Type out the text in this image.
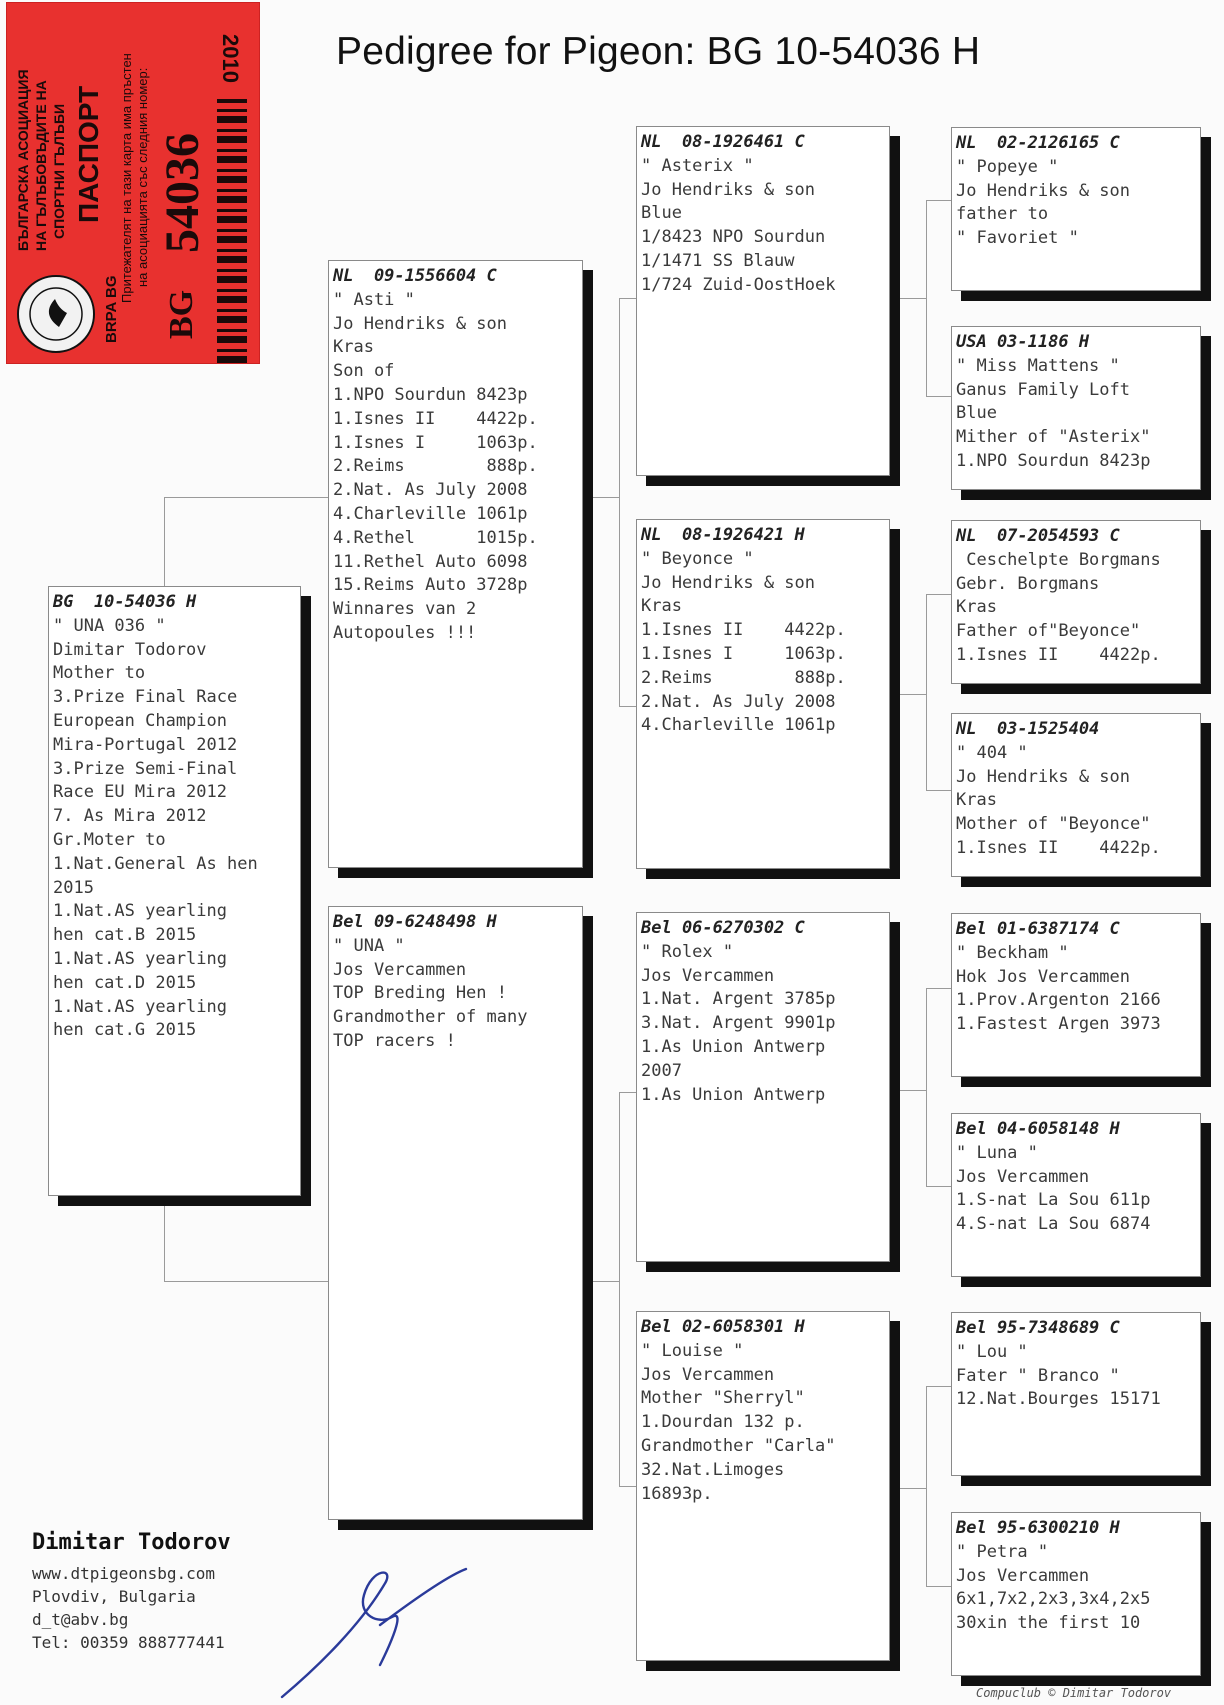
BRPA BG
БЪЛГАРСКА АСОЦИАЦИЯ НА ГЪЛЪБОВЪДИТЕ НА СПОРТНИ ГЪЛЪБИ ПАСПОРТ Притежателят на тази карта има пръстен на асоциацията със следния номер:
BG
54036
2010 Pedigree for Pigeon: BG 10-54036 H
BG  10-54036 H
" UNA 036 "
Dimitar Todorov
Mother to
3.Prize Final Race
European Champion
Mira-Portugal 2012
3.Prize Semi-Final
Race EU Mira 2012
7. As Mira 2012
Gr.Moter to
1.Nat.General As hen
2015
1.Nat.AS yearling
hen cat.B 2015
1.Nat.AS yearling
hen cat.D 2015
1.Nat.AS yearling
hen cat.G 2015
NL  09-1556604 C
" Asti "
Jo Hendriks & son
Kras
Son of
1.NPO Sourdun 8423p
1.Isnes II    4422p.
1.Isnes I     1063p.
2.Reims        888p.
2.Nat. As July 2008
4.Charleville 1061p
4.Rethel      1015p.
11.Rethel Auto 6098
15.Reims Auto 3728p
Winnares van 2
Autopoules !!!
Bel 09-6248498 H
" UNA "
Jos Vercammen
TOP Breding Hen !
Grandmother of many
TOP racers !
NL  08-1926461 C
" Asterix "
Jo Hendriks & son
Blue
1/8423 NPO Sourdun
1/1471 SS Blauw
1/724 Zuid-OostHoek
NL  08-1926421 H
" Beyonce "
Jo Hendriks & son
Kras
1.Isnes II    4422p.
1.Isnes I     1063p.
2.Reims        888p.
2.Nat. As July 2008
4.Charleville 1061p
Bel 06-6270302 C
" Rolex "
Jos Vercammen
1.Nat. Argent 3785p
3.Nat. Argent 9901p
1.As Union Antwerp
2007
1.As Union Antwerp
Bel 02-6058301 H
" Louise "
Jos Vercammen
Mother "Sherryl"
1.Dourdan 132 p.
Grandmother "Carla"
32.Nat.Limoges
16893p.
NL  02-2126165 C
" Popeye "
Jo Hendriks & son
father to
" Favoriet "
USA 03-1186 H
" Miss Mattens "
Ganus Family Loft
Blue
Mither of "Asterix"
1.NPO Sourdun 8423p
NL  07-2054593 C
Ceschelpte Borgmans
Gebr. Borgmans
Kras
Father of"Beyonce"
1.Isnes II    4422p.
NL  03-1525404
" 404 "
Jo Hendriks & son
Kras
Mother of "Beyonce"
1.Isnes II    4422p.
Bel 01-6387174 C
" Beckham "
Hok Jos Vercammen
1.Prov.Argenton 2166
1.Fastest Argen 3973
Bel 04-6058148 H
" Luna "
Jos Vercammen
1.S-nat La Sou 611p
4.S-nat La Sou 6874
Bel 95-7348689 C
" Lou "
Fater " Branco "
12.Nat.Bourges 15171
Bel 95-6300210 H
" Petra "
Jos Vercammen
6x1,7x2,2x3,3x4,2x5
30xin the first 10
Dimitar Todorov
www.dtpigeonsbg.com
Plovdiv, Bulgaria
d_t@abv.bg
Tel: 00359 888777441
Compuclub © Dimitar Todorov
